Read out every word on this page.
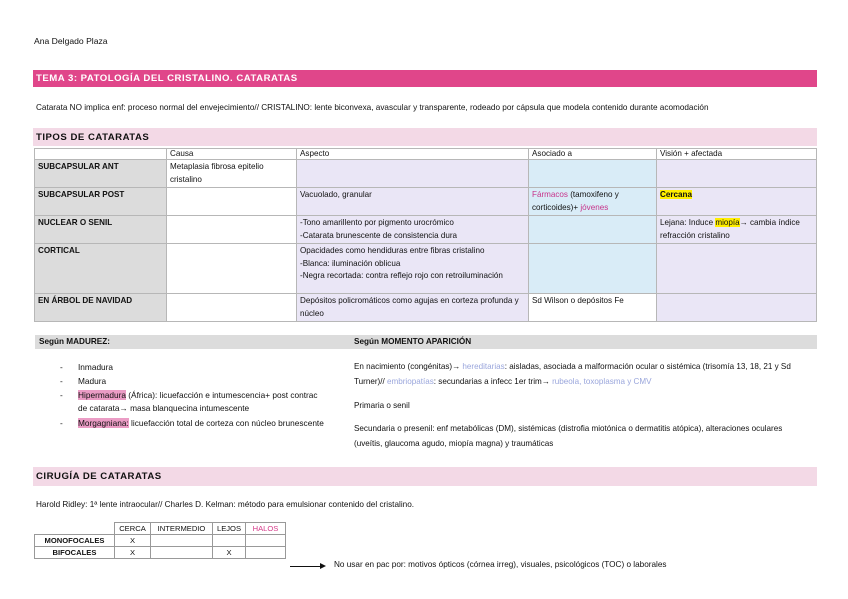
Ana Delgado Plaza
TEMA 3: PATOLOGÍA DEL CRISTALINO. CATARATAS
Catarata NO implica enf: proceso normal del envejecimiento// CRISTALINO: lente biconvexa, avascular y transparente, rodeado por cápsula que modela contenido durante acomodación
TIPOS DE CATARATAS
	Causa	Aspecto	Asociado a	Visión + afectada
SUBCAPSULAR ANT	Metaplasia fibrosa epitelio cristalino			
SUBCAPSULAR POST		Vacuolado, granular	Fármacos (tamoxifeno y corticoides)+ jóvenes	Cercana
NUCLEAR O SENIL		-Tono amarillento por pigmento urocrómico
-Catarata brunescente de consistencia dura		Lejana: Induce miopía→ cambia índice refracción cristalino
CORTICAL		Opacidades como hendiduras entre fibras cristalino
-Blanca: iluminación oblicua
-Negra recortada: contra reflejo rojo con retroiluminación		

EN ÁRBOL DE NAVIDAD		Depósitos policromáticos como agujas en corteza profunda y núcleo	Sd Wilson o depósitos Fe	
Según MADUREZ:
- Inmadura
- Madura
- Hipermadura (África): licuefacción e intumescencia+ post contrac de catarata→ masa blanquecina intumescente
- Morgagniana: licuefacción total de corteza con núcleo brunescente
Según MOMENTO APARICIÓN
En nacimiento (congénitas)→ hereditarias: aisladas, asociada a malformación ocular o sistémica (trisomía 13, 18, 21 y Sd Turner)// embriopatías: secundarias a infecc 1er trim→ rubeola, toxoplasma y CMV
Primaria o senil
Secundaria o presenil: enf metabólicas (DM), sistémicas (distrofia miotónica o dermatitis atópica), alteraciones oculares (uveítis, glaucoma agudo, miopía magna) y traumáticas
CIRUGÍA DE CATARATAS
Harold Ridley: 1ª lente intraocular// Charles D. Kelman: método para emulsionar contenido del cristalino.
	CERCA	INTERMEDIO	LEJOS	HALOS
MONOFOCALES	X			
BIFOCALES	X		X	
No usar en pac por: motivos ópticos (córnea irreg), visuales, psicológicos (TOC) o laborales
